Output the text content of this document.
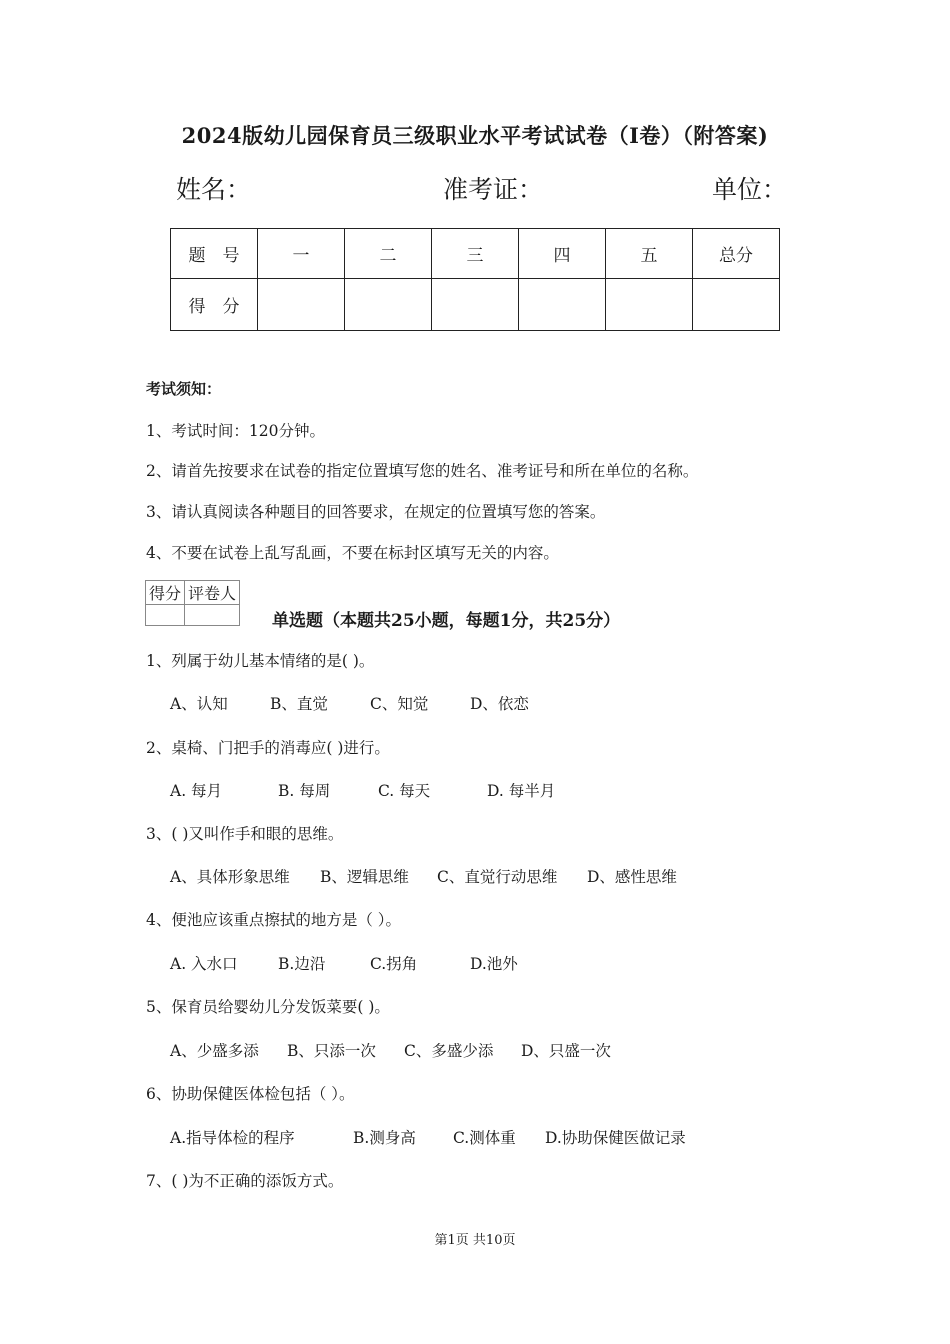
2024版幼儿园保育员三级职业水平考试试卷（I卷）（附答案)
姓名：	准考证：	单位：
题　号	一	二	三	四	五	总分
得　分						
考试须知：
1、考试时间：120分钟。
2、请首先按要求在试卷的指定位置填写您的姓名、准考证号和所在单位的名称。
3、请认真阅读各种题目的回答要求，在规定的位置填写您的答案。
4、不要在试卷上乱写乱画，不要在标封区填写无关的内容。
得分	评卷人

单选题（本题共25小题，每题1分，共25分）
1、列属于幼儿基本情绪的是( )。
A、认知	B、直觉	C、知觉	D、依恋
2、桌椅、门把手的消毒应( )进行。
A. 每月	B. 每周	C. 每天	D. 每半月
3、( )又叫作手和眼的思维。
A、具体形象思维 B、逻辑思维 C、直觉行动思维 D、感性思维
4、便池应该重点擦拭的地方是（ ）。
A. 入水口	B.边沿	C.拐角	D.池外
5、保育员给婴幼儿分发饭菜要( )。
A、少盛多添 B、只添一次 C、多盛少添 D、只盛一次
6、协助保健医体检包括（ ）。
A.指导体检的程序	B.测身高 C.测体重 D.协助保健医做记录
7、( )为不正确的添饭方式。
第1页 共10页
